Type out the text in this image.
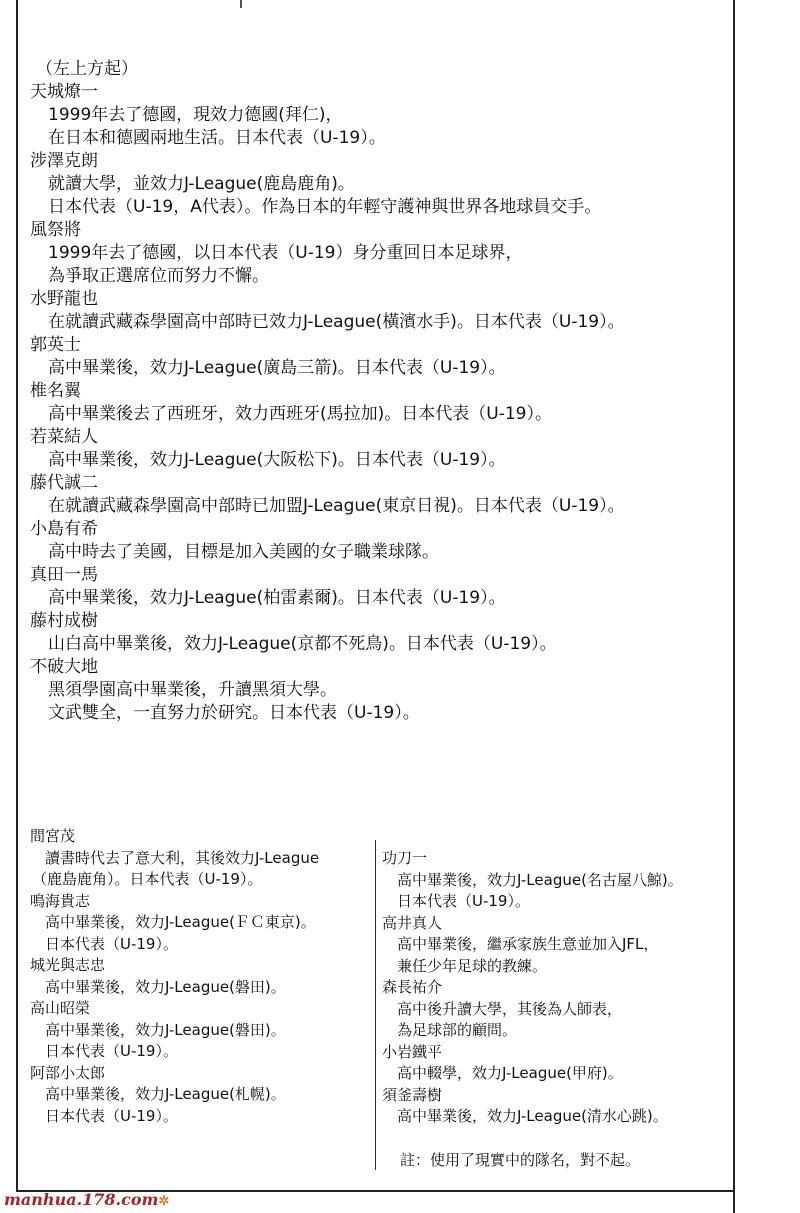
（左上方起）
天城燎一
1999年去了德國，現效力德國(拜仁)，
在日本和德國兩地生活。日本代表（U-19）。
涉澤克朗
就讀大學，並效力J-League(鹿島鹿角)。
日本代表（U-19，A代表）。作為日本的年輕守護神與世界各地球員交手。
風祭將
1999年去了德國，以日本代表（U-19）身分重回日本足球界，
為爭取正選席位而努力不懈。
水野龍也
在就讀武藏森學園高中部時已效力J-League(橫濱水手)。日本代表（U-19）。
郭英士
高中畢業後，效力J-League(廣島三箭)。日本代表（U-19）。
椎名翼
高中畢業後去了西班牙，效力西班牙(馬拉加)。日本代表（U-19）。
若菜結人
高中畢業後，效力J-League(大阪松下)。日本代表（U-19）。
藤代誠二
在就讀武藏森學園高中部時已加盟J-League(東京日視)。日本代表（U-19）。
小島有希
高中時去了美國，目標是加入美國的女子職業球隊。
真田一馬
高中畢業後，效力J-League(柏雷素爾)。日本代表（U-19）。
藤村成樹
山白高中畢業後，效力J-League(京都不死鳥)。日本代表（U-19）。
不破大地
黑須學園高中畢業後，升讀黑須大學。
文武雙全，一直努力於研究。日本代表（U-19）。
間宮茂
讀書時代去了意大利，其後效力J-League
（鹿島鹿角）。日本代表（U-19）。
鳴海貴志
高中畢業後，效力J-League(ＦＣ東京)。
日本代表（U-19）。
城光與志忠
高中畢業後，效力J-League(磐田)。
高山昭榮
高中畢業後，效力J-League(磐田)。
日本代表（U-19）。
阿部小太郎
高中畢業後，效力J-League(札幌)。
日本代表（U-19）。
功刀一
高中畢業後，效力J-League(名古屋八鯨)。
日本代表（U-19）。
高井真人
高中畢業後，繼承家族生意並加入JFL，
兼任少年足球的教練。
森長祐介
高中後升讀大學，其後為人師表，
為足球部的顧問。
小岩鐵平
高中輟學，效力J-League(甲府)。
須釜壽樹
高中畢業後，效力J-League(清水心跳)。
註：使用了現實中的隊名，對不起。
manhua.178.com✲
